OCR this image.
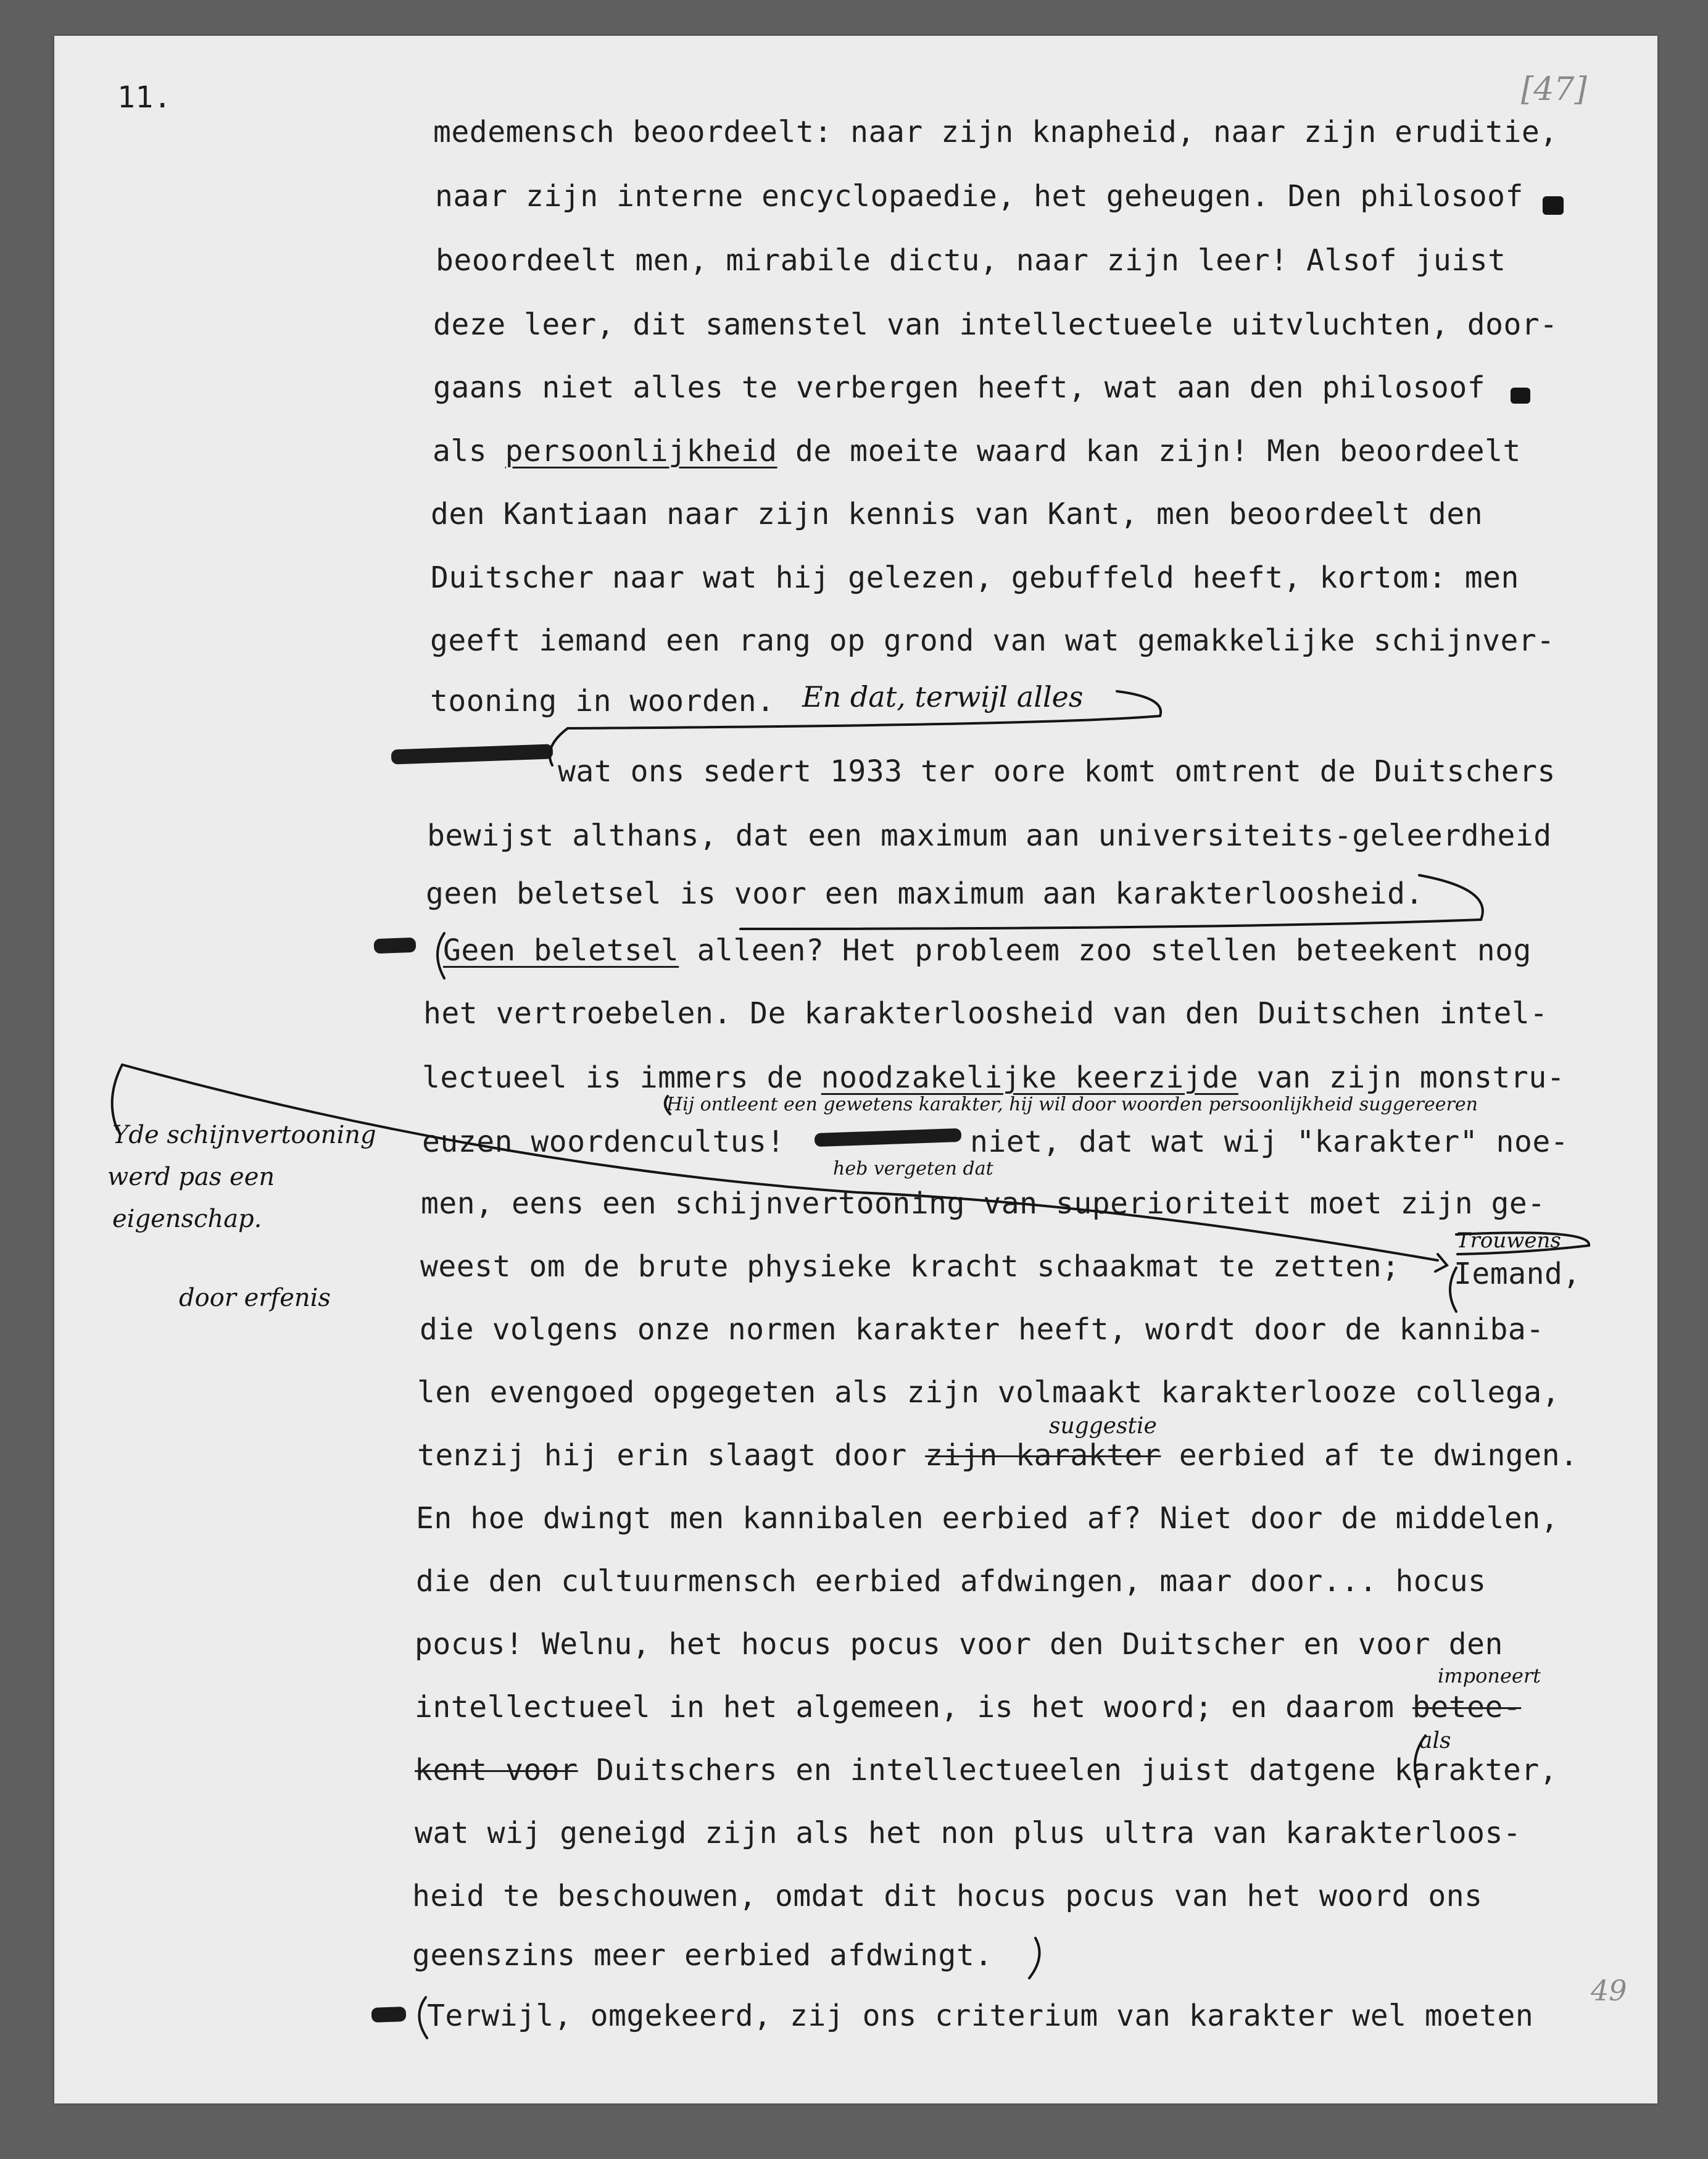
11.	[47]
49
medemensch beoordeelt: naar zijn knapheid, naar zijn eruditie,
naar zijn interne encyclopaedie, het geheugen. Den philosoof
beoordeelt men, mirabile dictu, naar zijn leer! Alsof juist
deze leer, dit samenstel van intellectueele uitvluchten, door-
gaans niet alles te verbergen heeft, wat aan den philosoof
als persoonlijkheid de moeite waard kan zijn! Men beoordeelt
den Kantiaan naar zijn kennis van Kant, men beoordeelt den
Duitscher naar wat hij gelezen, gebuffeld heeft, kortom: men
geeft iemand een rang op grond van wat gemakkelijke schijnver-
tooning in woorden. En dat, terwijl alles
wat ons sedert 1933 ter oore komt omtrent de Duitschers
bewijst althans, dat een maximum aan universiteits-geleerdheid
geen beletsel is voor een maximum aan karakterloosheid.
Geen beletsel alleen? Het probleem zoo stellen beteekent nog
het vertroebelen. De karakterloosheid van den Duitschen intel-
lectueel is immers de noodzakelijke keerzijde van zijn monstru-
Hij ontleent een gewetens karakter, hij wil door woorden persoonlijkheid suggereeren
euzen woordencultus!	niet, dat wat wij "karakter" noe-
heb vergeten dat
men, eens een schijnvertooning van superioriteit moet zijn ge-
weest om de brute physieke kracht schaakmat te zetten;
Trouwens
Iemand,
die volgens onze normen karakter heeft, wordt door de kanniba-
len evengoed opgegeten als zijn volmaakt karakterlooze collega,
tenzij hij erin slaagt door zijn karakter eerbied af te dwingen.
suggestie
En hoe dwingt men kannibalen eerbied af? Niet door de middelen,
die den cultuurmensch eerbied afdwingen, maar door... hocus
pocus! Welnu, het hocus pocus voor den Duitscher en voor den
intellectueel in het algemeen, is het woord; en daarom betee-
imponeert
kent voor Duitschers en intellectueelen juist datgene karakter,
als
wat wij geneigd zijn als het non plus ultra van karakterloos-
heid te beschouwen, omdat dit hocus pocus van het woord ons
geenszins meer eerbied afdwingt.
Terwijl, omgekeerd, zij ons criterium van karakter wel moeten
Yde schijnvertooning
werd pas een
eigenschap.
door erfenis
